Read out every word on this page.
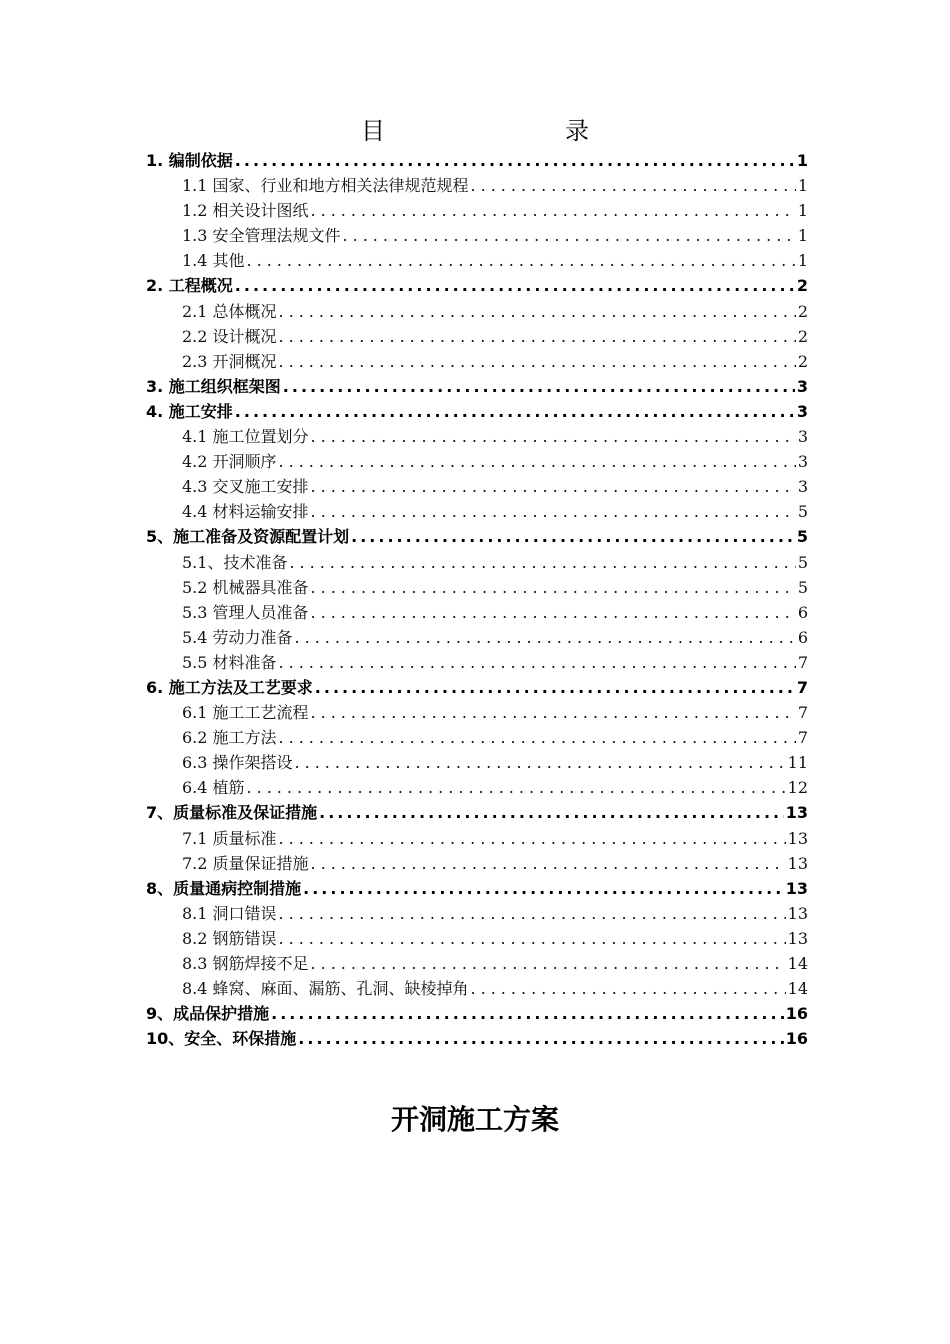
目　　录
1. 编制依据 .....	1
1.1 国家、行业和地方相关法律规范规程 .....	1
1.2 相关设计图纸 .....	1
1.3 安全管理法规文件 .....	1
1.4 其他 .....	1
2. 工程概况 .....	2
2.1 总体概况 .....	2
2.2 设计概况 .....	2
2.3 开洞概况 .....	2
3. 施工组织框架图 .....	3
4. 施工安排 .....	3
4.1 施工位置划分 .....	3
4.2 开洞顺序 .....	3
4.3 交叉施工安排 .....	3
4.4 材料运输安排 .....	5
5、施工准备及资源配置计划 .....	5
5.1、技术准备 .....	5
5.2 机械器具准备 .....	5
5.3 管理人员准备 .....	6
5.4 劳动力准备 .....	6
5.5 材料准备 .....	7
6. 施工方法及工艺要求 .....	7
6.1 施工工艺流程 .....	7
6.2 施工方法 .....	7
6.3 操作架搭设 .....	11
6.4 植筋 .....	12
7、质量标准及保证措施 .....	13
7.1 质量标准 .....	13
7.2 质量保证措施 .....	13
8、质量通病控制措施 .....	13
8.1 洞口错误 .....	13
8.2 钢筋错误 .....	13
8.3 钢筋焊接不足 .....	14
8.4 蜂窝、麻面、漏筋、孔洞、缺棱掉角 .....	14
9、成品保护措施 .....	16
10、安全、环保措施 .....	16
开洞施工方案
